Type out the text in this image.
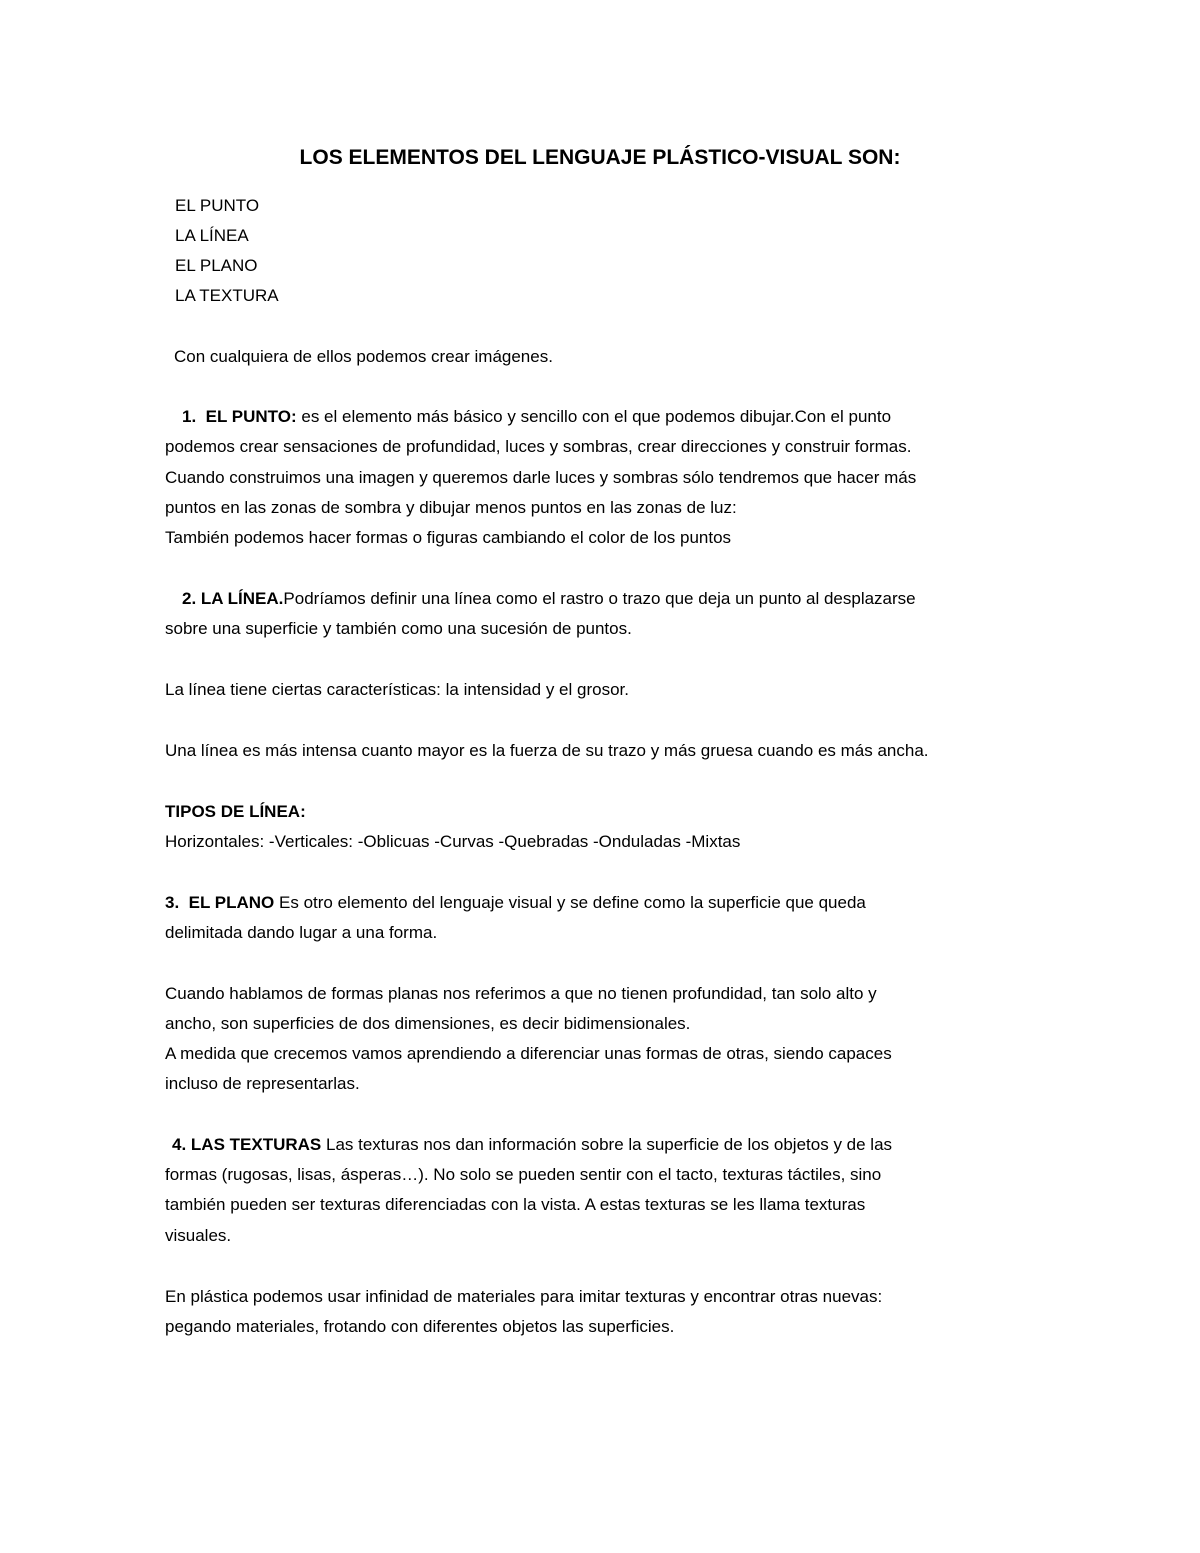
LOS ELEMENTOS DEL LENGUAJE PLÁSTICO-VISUAL SON:

EL PUNTO

LA LÍNEA

EL PLANO

LA TEXTURA

Con cualquiera de ellos podemos crear imágenes.

1. EL PUNTO: es el elemento más básico y sencillo con el que podemos dibujar.Con el punto

podemos crear sensaciones de profundidad, luces y sombras, crear direcciones y construir formas.

Cuando construimos una imagen y queremos darle luces y sombras sólo tendremos que hacer más

puntos en las zonas de sombra y dibujar menos puntos en las zonas de luz:

También podemos hacer formas o figuras cambiando el color de los puntos

2. LA LÍNEA.Podríamos definir una línea como el rastro o trazo que deja un punto al desplazarse

sobre una superficie y también como una sucesión de puntos.

La línea tiene ciertas características: la intensidad y el grosor.

Una línea es más intensa cuanto mayor es la fuerza de su trazo y más gruesa cuando es más ancha.

TIPOS DE LÍNEA:

Horizontales: -Verticales: -Oblicuas -Curvas -Quebradas -Onduladas -Mixtas

3. EL PLANO Es otro elemento del lenguaje visual y se define como la superficie que queda

delimitada dando lugar a una forma.

Cuando hablamos de formas planas nos referimos a que no tienen profundidad, tan solo alto y

ancho, son superficies de dos dimensiones, es decir bidimensionales.

A medida que crecemos vamos aprendiendo a diferenciar unas formas de otras, siendo capaces

incluso de representarlas.

4. LAS TEXTURAS Las texturas nos dan información sobre la superficie de los objetos y de las

formas (rugosas, lisas, ásperas…). No solo se pueden sentir con el tacto, texturas táctiles, sino

también pueden ser texturas diferenciadas con la vista. A estas texturas se les llama texturas

visuales.

En plástica podemos usar infinidad de materiales para imitar texturas y encontrar otras nuevas:

pegando materiales, frotando con diferentes objetos las superficies.
